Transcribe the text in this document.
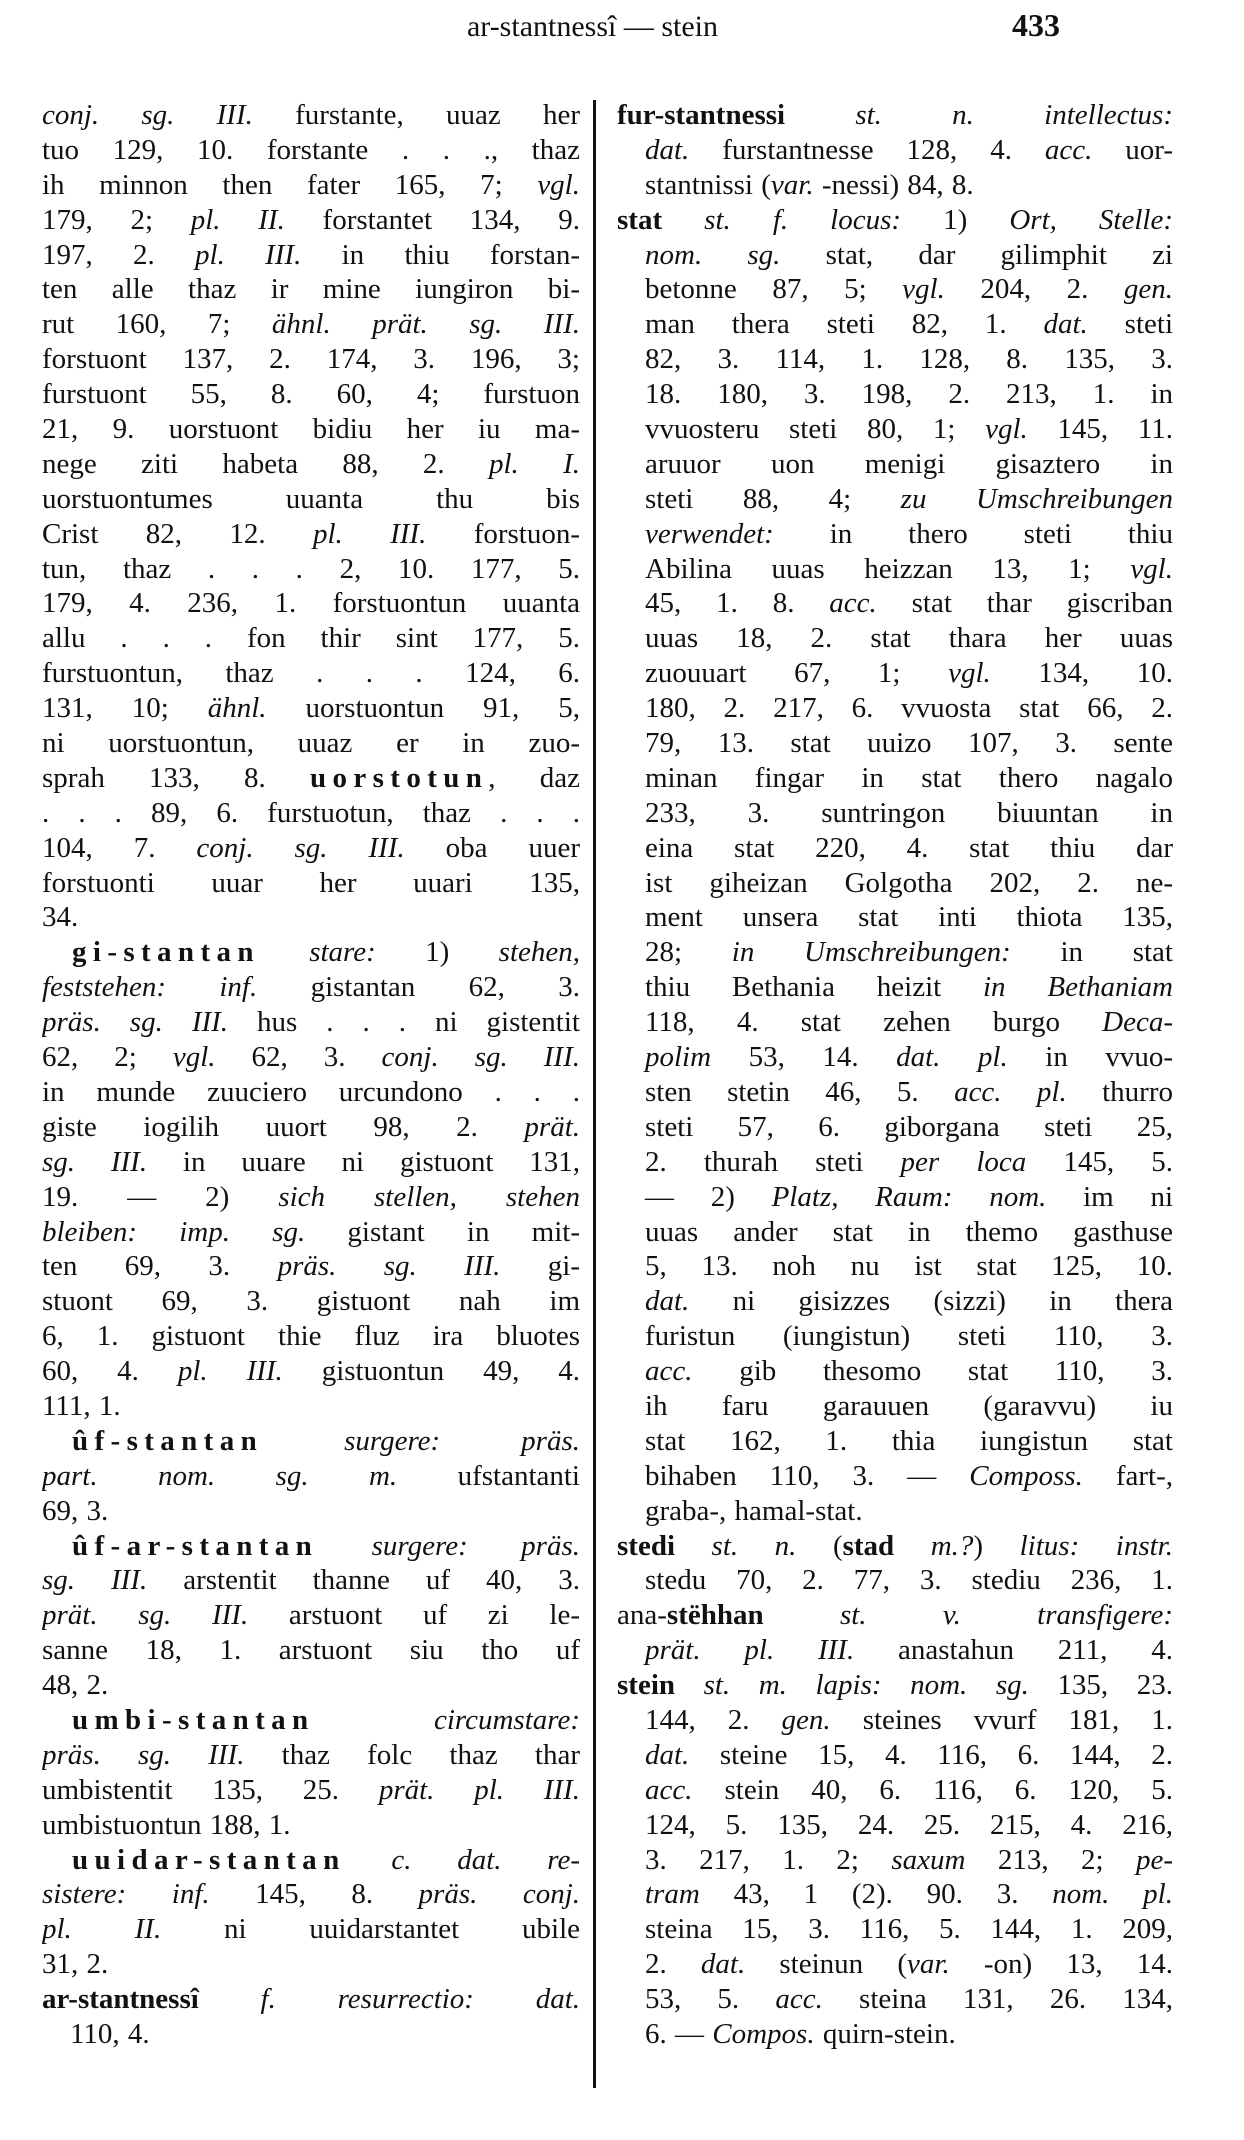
ar-stantnessî — stein	433
conj. sg. III. furstante, uuaz her
tuo 129, 10. forstante . . ., thaz
ih minnon then fater 165, 7; vgl.
179, 2; pl. II. forstantet 134, 9.
197, 2. pl. III. in thiu forstan-
ten alle thaz ir mine iungiron bi-
rut 160, 7; ähnl. prät. sg. III.
forstuont 137, 2. 174, 3. 196, 3;
furstuont 55, 8. 60, 4; furstuon
21, 9. uorstuont bidiu her iu ma-
nege ziti habeta 88, 2. pl. I.
uorstuontumes uuanta thu bis
Crist 82, 12. pl. III. forstuon-
tun, thaz . . . 2, 10. 177, 5.
179, 4. 236, 1. forstuontun uuanta
allu . . . fon thir sint 177, 5.
furstuontun, thaz . . . 124, 6.
131, 10; ähnl. uorstuontun 91, 5,
ni uorstuontun, uuaz er in zuo-
sprah 133, 8. uorstotun, daz
. . . 89, 6. furstuotun, thaz . . .
104, 7. conj. sg. III. oba uuer
forstuonti uuar her uuari 135,
34.
gi-stantan stare: 1) stehen,
feststehen: inf. gistantan 62, 3.
präs. sg. III. hus . . . ni gistentit
62, 2; vgl. 62, 3. conj. sg. III.
in munde zuuciero urcundono . . .
giste iogilih uuort 98, 2. prät.
sg. III. in uuare ni gistuont 131,
19. — 2) sich stellen, stehen
bleiben: imp. sg. gistant in mit-
ten 69, 3. präs. sg. III. gi-
stuont 69, 3. gistuont nah im
6, 1. gistuont thie fluz ira bluotes
60, 4. pl. III. gistuontun 49, 4.
111, 1.
ûf-stantan	surgere: präs.
part. nom. sg. m. ufstantanti
69, 3.
ûf-ar-stantan surgere: präs.
sg. III. arstentit thanne uf 40, 3.
prät. sg. III. arstuont uf zi le-
sanne 18, 1. arstuont siu tho uf
48, 2.
umbi-stantan	circumstare:
präs. sg. III. thaz folc thaz thar
umbistentit 135, 25. prät. pl. III.
umbistuontun 188, 1.
uuidar-stantan c. dat. re-
sistere: inf. 145, 8. präs. conj.
pl. II. ni uuidarstantet ubile
31, 2.
ar-stantnessî f. resurrectio: dat.
110, 4.
fur-stantnessi st. n. intellectus:
dat. furstantnesse 128, 4. acc. uor-
stantnissi (var. -nessi) 84, 8.
stat st. f. locus: 1) Ort, Stelle:
nom. sg. stat, dar gilimphit zi
betonne 87, 5; vgl. 204, 2. gen.
man thera steti 82, 1. dat. steti
82, 3. 114, 1. 128, 8. 135, 3.
18. 180, 3. 198, 2. 213, 1. in
vvuosteru steti 80, 1; vgl. 145, 11.
aruuor uon menigi gisaztero in
steti 88, 4; zu Umschreibungen
verwendet: in thero steti thiu
Abilina uuas heizzan 13, 1; vgl.
45, 1. 8. acc. stat thar giscriban
uuas 18, 2. stat thara her uuas
zuouuart 67, 1; vgl. 134, 10.
180, 2. 217, 6. vvuosta stat 66, 2.
79, 13. stat uuizo 107, 3. sente
minan fingar in stat thero nagalo
233, 3. suntringon biuuntan in
eina stat 220, 4. stat thiu dar
ist giheizan Golgotha 202, 2. ne-
ment unsera stat inti thiota 135,
28; in Umschreibungen: in stat
thiu Bethania heizit in Bethaniam
118, 4. stat zehen burgo Deca-
polim 53, 14. dat. pl. in vvuo-
sten stetin 46, 5. acc. pl. thurro
steti 57, 6. giborgana steti 25,
2. thurah steti per loca 145, 5.
— 2) Platz, Raum: nom. im ni
uuas ander stat in themo gasthuse
5, 13. noh nu ist stat 125, 10.
dat. ni gisizzes (sizzi) in thera
furistun (iungistun) steti 110, 3.
acc. gib thesomo stat 110, 3.
ih faru garauuen (garavvu) iu
stat 162, 1. thia iungistun stat
bihaben 110, 3. — Composs. fart-,
graba-, hamal-stat.
stedi st. n. (stad m.?) litus: instr.
stedu 70, 2. 77, 3. stediu 236, 1.
ana-stëhhan	st. v. transfigere:
prät. pl. III. anastahun 211, 4.
stein st. m. lapis: nom. sg. 135, 23.
144, 2. gen. steines vvurf 181, 1.
dat. steine 15, 4. 116, 6. 144, 2.
acc. stein 40, 6. 116, 6. 120, 5.
124, 5. 135, 24. 25. 215, 4. 216,
3. 217, 1. 2; saxum 213, 2; pe-
tram 43, 1 (2). 90. 3. nom. pl.
steina 15, 3. 116, 5. 144, 1. 209,
2. dat. steinun (var. -on) 13, 14.
53, 5. acc. steina 131, 26. 134,
6. — Compos. quirn-stein.
